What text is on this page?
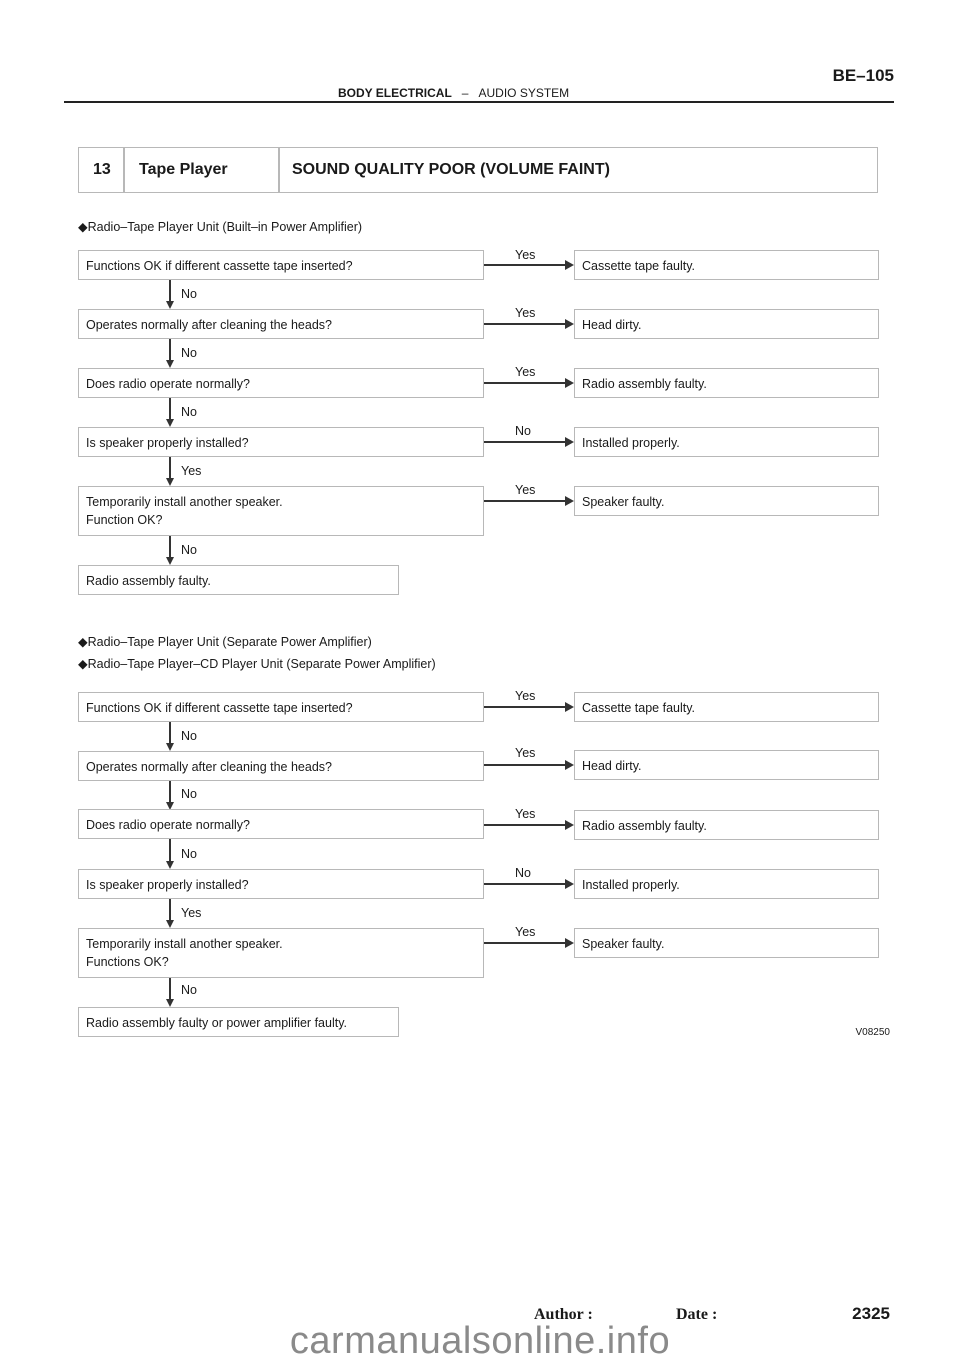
BE–105
BODY ELECTRICAL – AUDIO SYSTEM
13 Tape Player	SOUND QUALITY POOR (VOLUME FAINT)
◆Radio–Tape Player Unit (Built–in Power Amplifier)
Functions OK if different cassette tape inserted?
Yes
Cassette tape faulty.
No
Operates normally after cleaning the heads?
Yes
Head dirty.
No
Does radio operate normally?
Yes
Radio assembly faulty.
No
Is speaker properly installed?
No
Installed properly.
Yes
Temporarily install another speaker.
Function OK?
Yes
Speaker faulty.
No
Radio assembly faulty.
◆Radio–Tape Player Unit (Separate Power Amplifier)
◆Radio–Tape Player–CD Player Unit (Separate Power Amplifier)
Functions OK if different cassette tape inserted?
Yes
Cassette tape faulty.
No
Operates normally after cleaning the heads?
Yes
Head dirty.
No
Does radio operate normally?
Yes
Radio assembly faulty.
No
Is speaker properly installed?
No
Installed properly.
Yes
Temporarily install another speaker.
Functions OK?
Yes
Speaker faulty.
No
Radio assembly faulty or power amplifier faulty.
V08250
Author :	Date :	2325
carmanualsonline.info
